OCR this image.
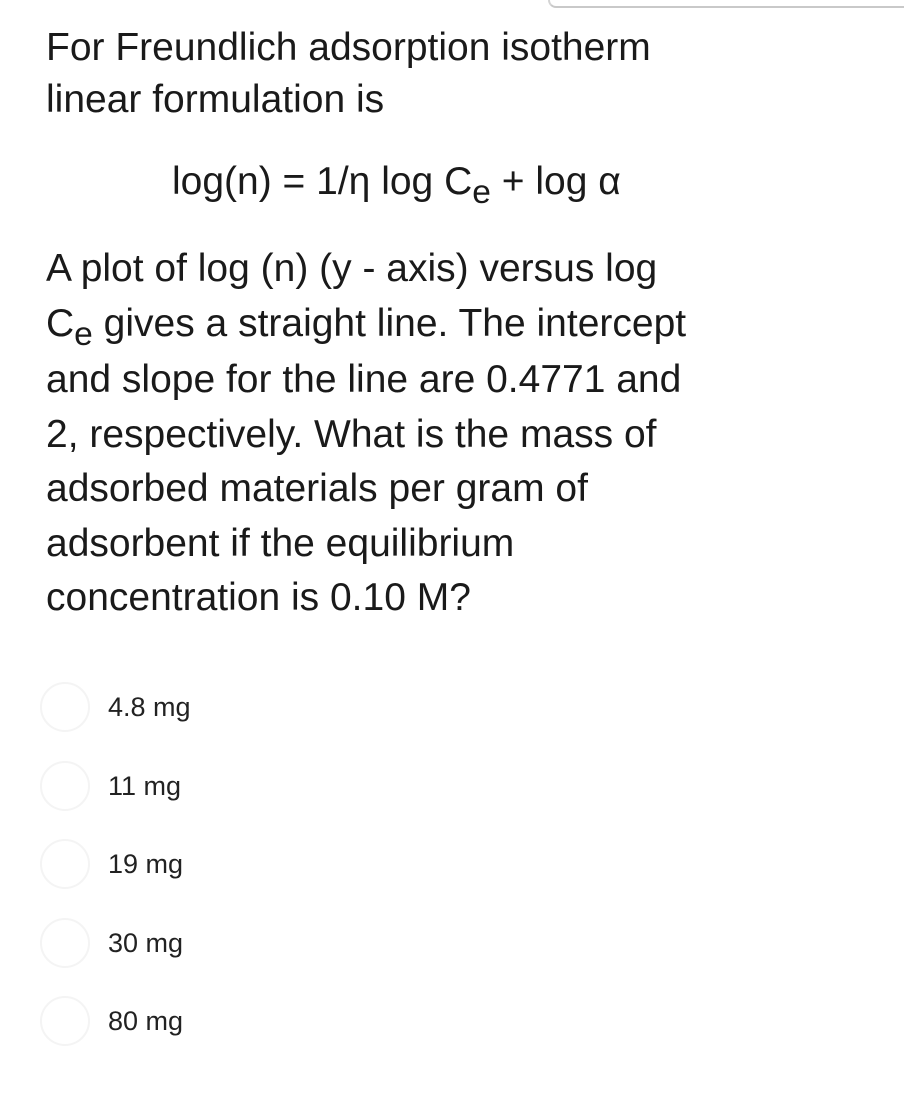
For Freundlich adsorption isotherm

linear formulation is

log(n) = 1/η log Ce + log α

A plot of log (n) (y - axis) versus log

Ce gives a straight line. The intercept

and slope for the line are 0.4771 and

2, respectively. What is the mass of

adsorbed materials per gram of

adsorbent if the equilibrium

concentration is 0.10 M?

4.8 mg
11 mg
19 mg
30 mg
80 mg
